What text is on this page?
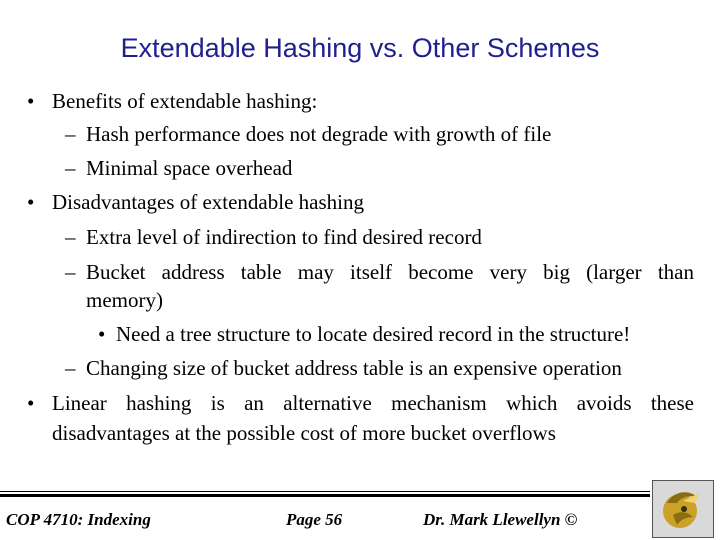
Extendable Hashing vs. Other Schemes
• Benefits of extendable hashing:
– Hash performance does not degrade with growth of file
– Minimal space overhead
• Disadvantages of extendable hashing
– Extra level of indirection to find desired record
– Bucket address table may itself become very big (larger than
memory)
• Need a tree structure to locate desired record in the structure!
– Changing size of bucket address table is an expensive operation
• Linear hashing is an alternative mechanism which avoids these
disadvantages at the possible cost of more bucket overflows
COP 4710: Indexing	Page 56	Dr. Mark Llewellyn ©
